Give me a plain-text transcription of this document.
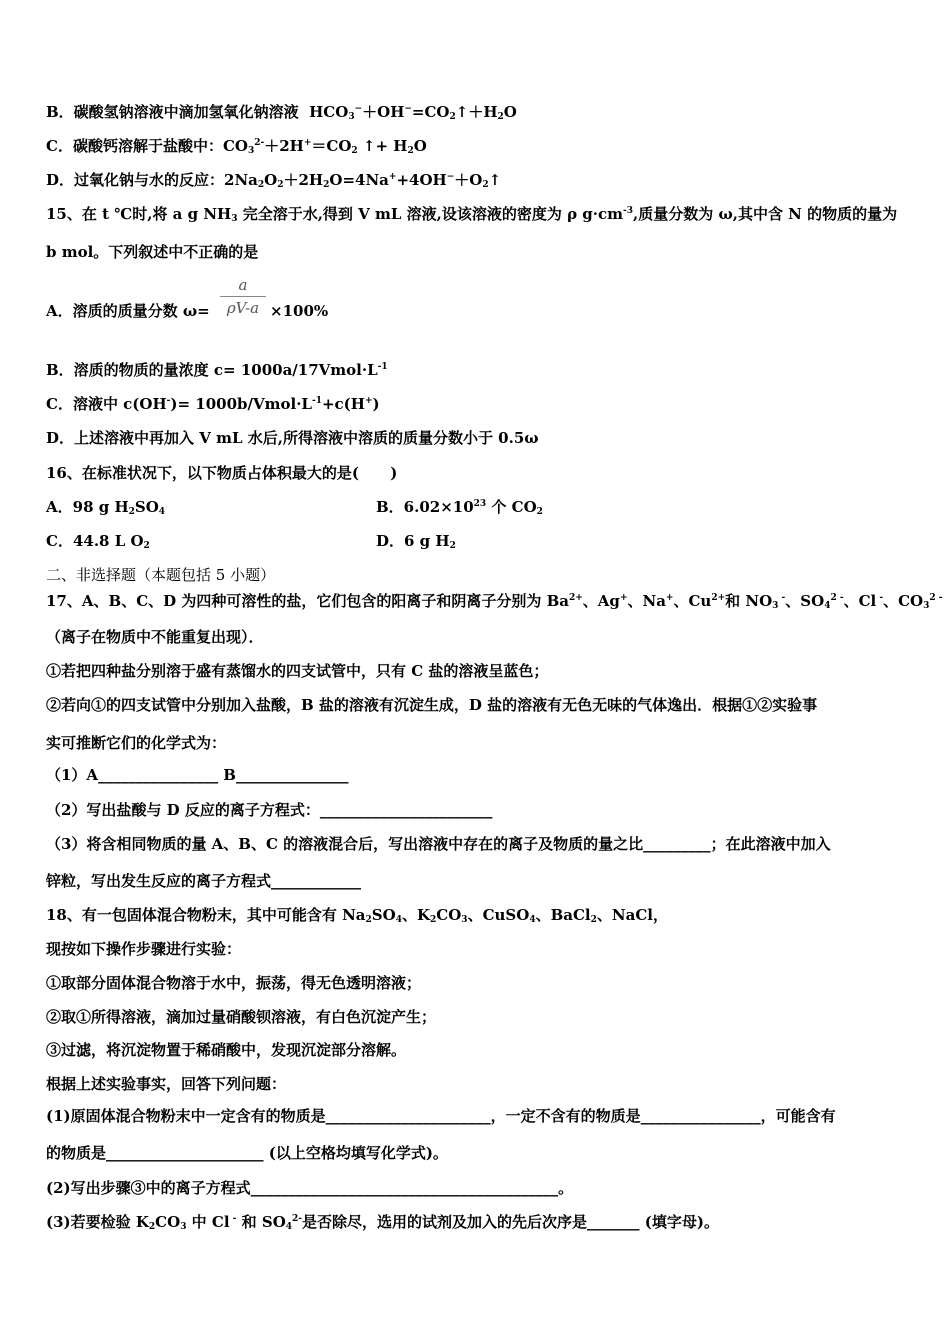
B．碳酸氢钠溶液中滴加氢氧化钠溶液  $HCO_3^-+OH^-=CO_2↑+H_2O$
C．碳酸钙溶解于盐酸中：$CO_3^{2-}+2H^+=CO_2$ ↑+ $H_2O$
D．过氧化钠与水的反应：$2Na_2O_2+2H_2O=4Na^++4OH^-+O_2↑$
15、在 t ℃时,将 a g $NH_3$ 完全溶于水,得到 V mL 溶液,设该溶液的密度为 ρ $g\cdot cm^{-3}$,质量分数为 ω,其中含 N 的物质的量为
b mol。下列叙述中不正确的是
A．溶质的质量分数 ω=
a
ρV-a ×100%
B．溶质的物质的量浓度 $c= 1000a/17Vmol\cdot L^{-1}$
C．溶液中 $c(OH^-)= 1000b/Vmol\cdot L^{-1}+c(H^+)$
D．上述溶液中再加入 V mL 水后,所得溶液中溶质的质量分数小于 0.5ω
16、在标准状况下，以下物质占体积最大的是(      )
A．98 g $H_2SO_4$	B．$6.02\times 10^{23}$ 个 $CO_2$
C．44.8 L $O_2$	D．6 g $H_2$
二、非选择题（本题包括 5 小题）
17、A、B、C、D 为四种可溶性的盐，它们包含的阳离子和阴离子分别为 $Ba^{2+}$、Ag+、Na+、$Cu^{2+}$和 $NO_3$ -、$SO_4^{2 -}$、Cl -、$CO_3^{2 -}$
（离子在物质中不能重复出现）．
①若把四种盐分别溶于盛有蒸馏水的四支试管中，只有 C 盐的溶液呈蓝色；
②若向①的四支试管中分别加入盐酸，B 盐的溶液有沉淀生成，D 盐的溶液有无色无味的气体逸出．根据①②实验事
实可推断它们的化学式为：
（1）A________________ B_______________
（2）写出盐酸与 D 反应的离子方程式：_______________________
（3）将含相同物质的量 A、B、C 的溶液混合后，写出溶液中存在的离子及物质的量之比_________；在此溶液中加入
锌粒，写出发生反应的离子方程式____________
18、有一包固体混合物粉末，其中可能含有 $Na_2SO_4$、$K_2CO_3$、CuSO$_4$、BaCl$_2$、NaCl，
现按如下操作步骤进行实验：
①取部分固体混合物溶于水中，振荡，得无色透明溶液；
②取①所得溶液，滴加过量硝酸钡溶液，有白色沉淀产生；
③过滤，将沉淀物置于稀硝酸中，发现沉淀部分溶解。
根据上述实验事实，回答下列问题：
(1)原固体混合物粉末中一定含有的物质是______________________，一定不含有的物质是________________，可能含有
的物质是_____________________ (以上空格均填写化学式)。
(2)写出步骤③中的离子方程式_________________________________________。
(3)若要检验 $K_2CO_3$ 中 Cl - 和 $SO_4^{2-}$是否除尽，选用的试剂及加入的先后次序是_______ (填字母)。
